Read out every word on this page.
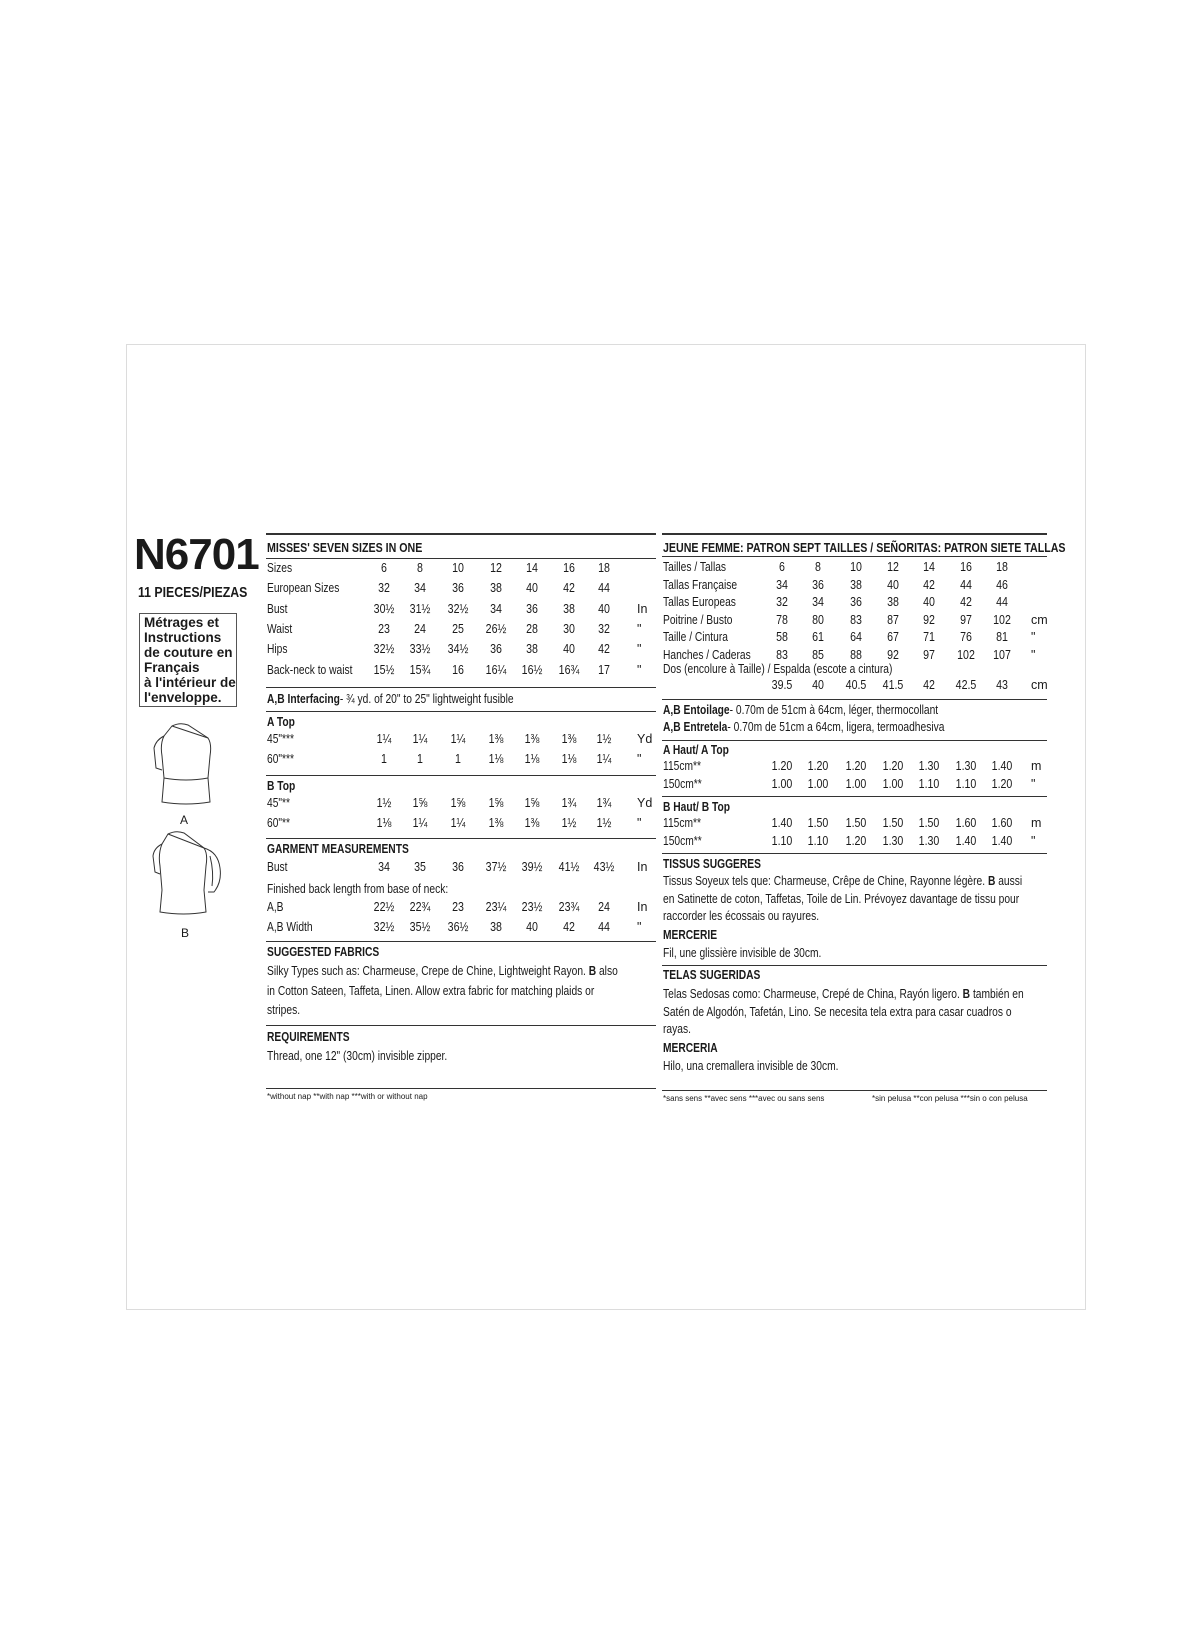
N6701
11 PIECES/PIEZAS
Métrages et
Instructions
de couture en
Français
à l'intérieur de
l'enveloppe.
A
B
MISSES' SEVEN SIZES IN ONE
Sizes	6 8 10 12 14 16 18
European Sizes	32 34 36 38 40 42 44
Bust	30½ 31½ 32½ 34 36 38 40 In
Waist	23 24 25 26½ 28 30 32 "
Hips	32½ 33½ 34½ 36 38 40 42 "
Back-neck to waist 15½ 15¾ 16 16¼ 16½ 16¾ 17 "
A,B Interfacing- ¾ yd. of 20" to 25" lightweight fusible
A Top
45"***	1¼ 1¼ 1¼ 1⅜ 1⅜ 1⅜ 1½ Yd
60"***	1 1	1 1⅛ 1⅛ 1⅛ 1¼ "
B Top
45"**	1½ 1⅝ 1⅝ 1⅝ 1⅝ 1¾ 1¾ Yd
60"**	1⅛ 1¼ 1¼ 1⅜ 1⅜ 1½ 1½ "
GARMENT MEASUREMENTS
Bust	34 35 36 37½ 39½ 41½ 43½ In
Finished back length from base of neck:
A,B	22½ 22¾ 23 23¼ 23½ 23¾ 24 In
A,B Width	32½ 35½ 36½ 38 40 42 44 "
SUGGESTED FABRICS
Silky Types such as: Charmeuse, Crepe de Chine, Lightweight Rayon. B also
in Cotton Sateen, Taffeta, Linen. Allow extra fabric for matching plaids or
stripes.
REQUIREMENTS
Thread, one 12" (30cm) invisible zipper.
*without nap **with nap ***with or without nap
JEUNE FEMME: PATRON SEPT TAILLES / SEÑORITAS: PATRON SIETE TALLAS
Tailles / Tallas	6 8 10 12 14 16 18
Tallas Française	34 36 38 40 42 44 46
Tallas Europeas	32 34 36 38 40 42 44
Poitrine / Busto	78 80 83 87 92 97 102 cm
Taille / Cintura	58 61 64 67 71 76 81 "
Hanches / Caderas 83 85 88 92 97 102 107 "
Dos (encolure à Taille) / Espalda (escote a cintura)
39.5 40 40.5 41.5 42 42.5 43 cm
A,B Entoilage- 0.70m de 51cm à 64cm, léger, thermocollant
A,B Entretela- 0.70m de 51cm a 64cm, ligera, termoadhesiva
A Haut/ A Top
115cm**	1.20 1.20 1.20 1.20 1.30 1.30 1.40 m
150cm**	1.00 1.00 1.00 1.00 1.10 1.10 1.20 "
B Haut/ B Top
115cm**	1.40 1.50 1.50 1.50 1.50 1.60 1.60 m
150cm**	1.10 1.10 1.20 1.30 1.30 1.40 1.40 "
TISSUS SUGGERES
Tissus Soyeux tels que: Charmeuse, Crêpe de Chine, Rayonne légère. B aussi
en Satinette de coton, Taffetas, Toile de Lin. Prévoyez davantage de tissu pour
raccorder les écossais ou rayures.
MERCERIE
Fil, une glissière invisible de 30cm.
TELAS SUGERIDAS
Telas Sedosas como: Charmeuse, Crepé de China, Rayón ligero. B también en
Satén de Algodón, Tafetán, Lino. Se necesita tela extra para casar cuadros o
rayas.
MERCERIA
Hilo, una cremallera invisible de 30cm.
*sans sens **avec sens ***avec ou sans sens	*sin pelusa **con pelusa ***sin o con pelusa
